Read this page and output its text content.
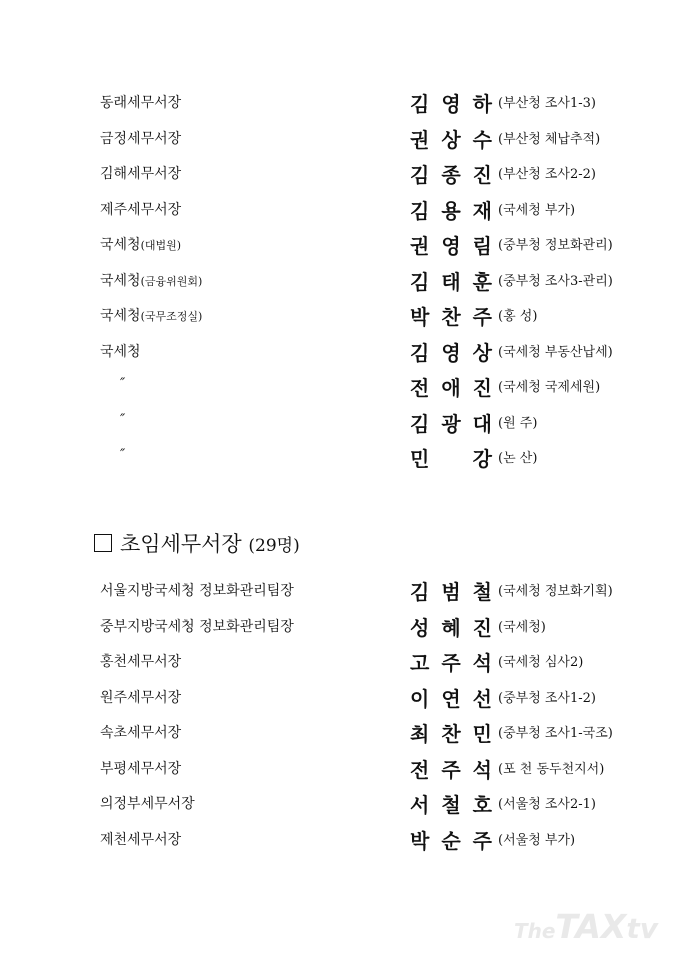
동래세무서장	김 영 하 (부산청 조사1-3)
금정세무서장	권 상 수 (부산청 체납추적)
김해세무서장	김 종 진 (부산청 조사2-2)
제주세무서장	김 용 재 (국세청 부가)
국세청(대법원)	권 영 림 (중부청 정보화관리)
국세청(금융위원회)	김 태 훈 (중부청 조사3-관리)
국세청(국무조정실)	박 찬 주 (홍 성)
국세청	김 영 상 (국세청 부동산납세)
″	전 애 진 (국세청 국제세원)
″	김 광 대 (원 주)
″	민 강 (논 산)
서울지방국세청 정보화관리팀장	김 범 철 (국세청 정보화기획)
중부지방국세청 정보화관리팀장	성 혜 진 (국세청)
홍천세무서장	고 주 석 (국세청 심사2)
원주세무서장	이 연 선 (중부청 조사1-2)
속초세무서장	최 찬 민 (중부청 조사1-국조)
부평세무서장	전 주 석 (포 천 동두천지서)
의정부세무서장	서 철 호 (서울청 조사2-1)
제천세무서장	박 순 주 (서울청 부가)
초임세무서장 (29명)
TheTAXtv
